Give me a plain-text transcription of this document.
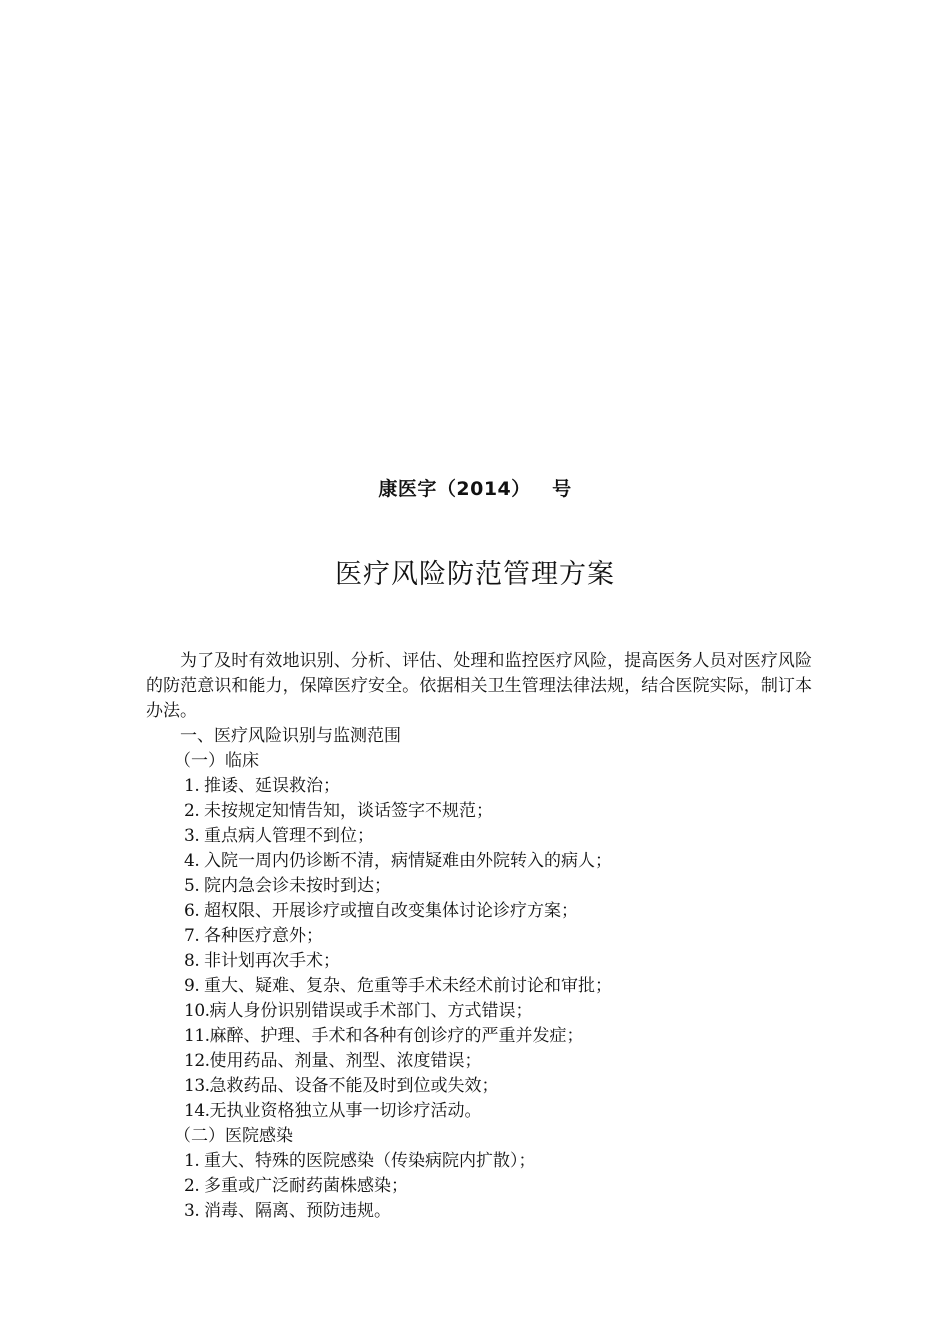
康医字（2014）   号
医疗风险防范管理方案

为了及时有效地识别、分析、评估、处理和监控医疗风险，提高医务人员对医疗风险的防范意识和能力，保障医疗安全。依据相关卫生管理法律法规，结合医院实际，制订本办法。

一、医疗风险识别与监测范围

（一）临床

1. 推诿、延误救治；

2. 未按规定知情告知，谈话签字不规范；

3. 重点病人管理不到位；

4. 入院一周内仍诊断不清，病情疑难由外院转入的病人；

5. 院内急会诊未按时到达；

6. 超权限、开展诊疗或擅自改变集体讨论诊疗方案；

7. 各种医疗意外；

8. 非计划再次手术；

9. 重大、疑难、复杂、危重等手术未经术前讨论和审批；

10.病人身份识别错误或手术部门、方式错误；

11.麻醉、护理、手术和各种有创诊疗的严重并发症；

12.使用药品、剂量、剂型、浓度错误；

13.急救药品、设备不能及时到位或失效；

14.无执业资格独立从事一切诊疗活动。

（二）医院感染

1. 重大、特殊的医院感染（传染病院内扩散）；

2. 多重或广泛耐药菌株感染；

3. 消毒、隔离、预防违规。
